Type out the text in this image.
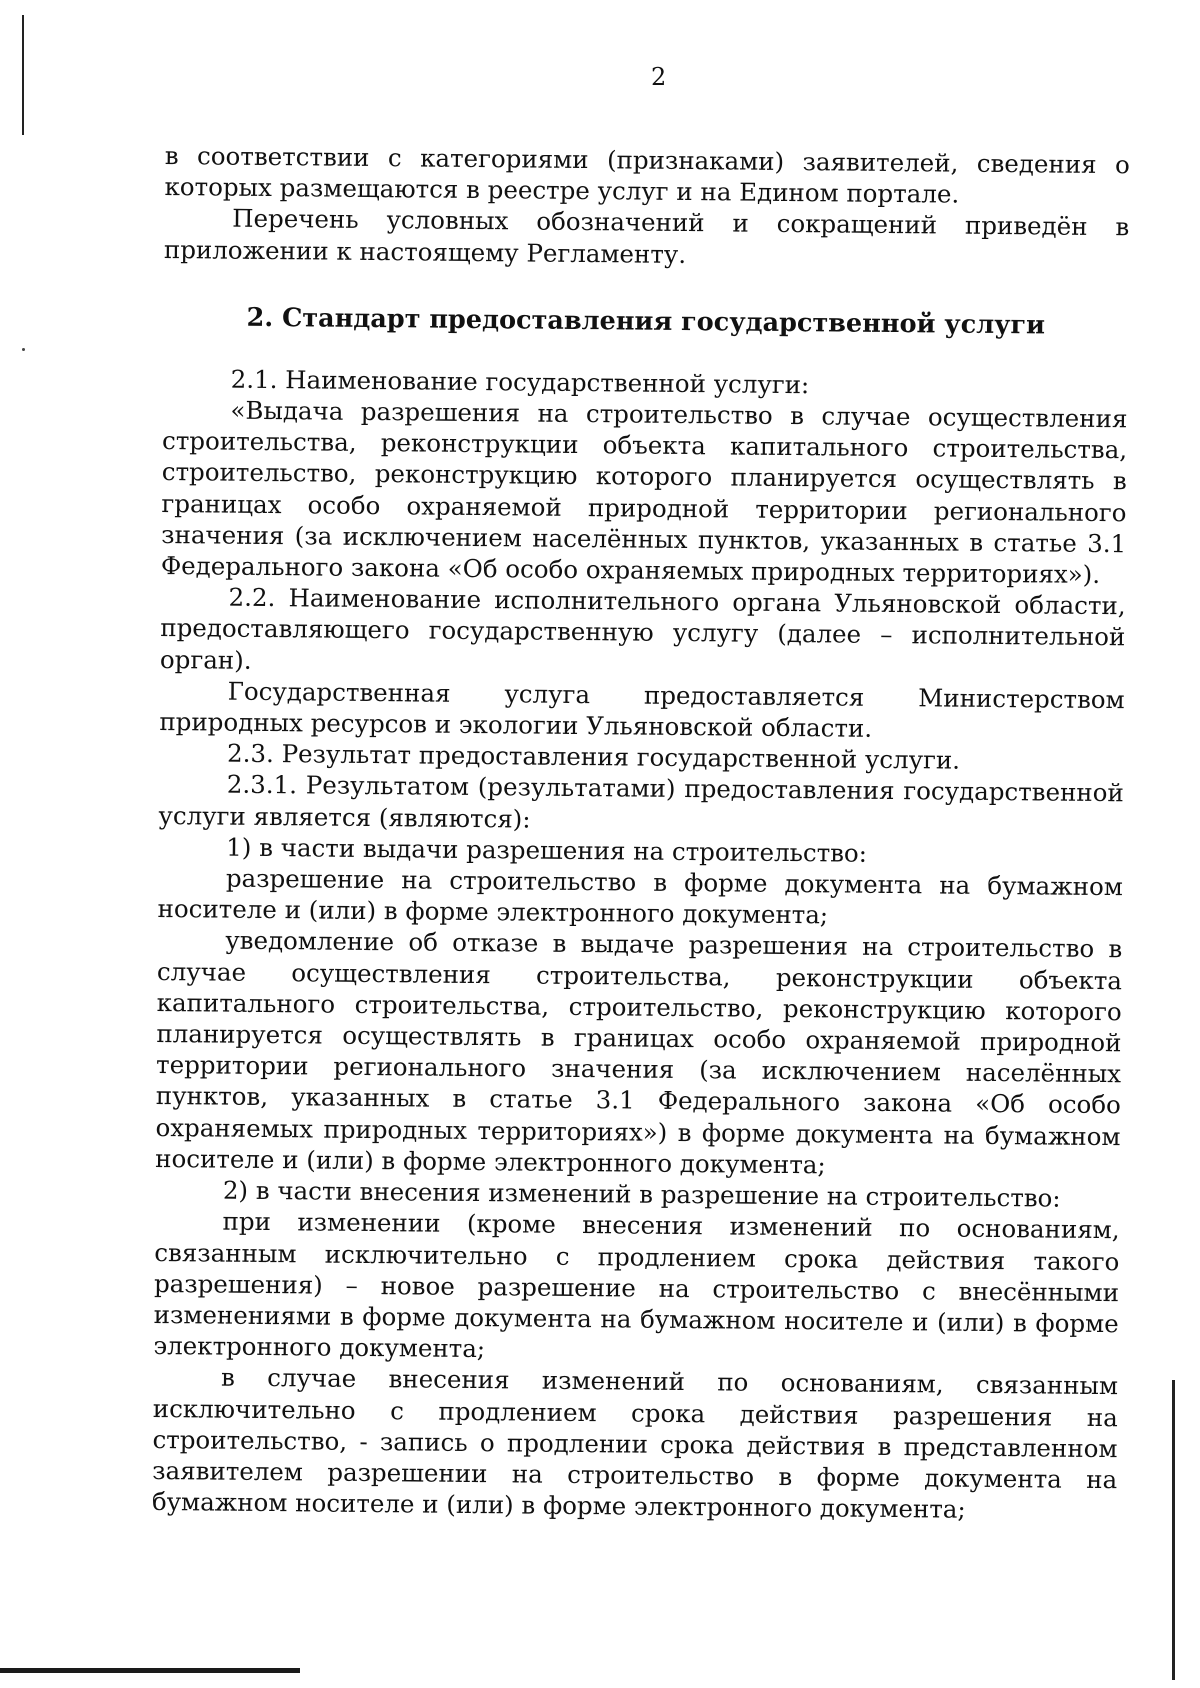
2

в соответствии с категориями (признаками) заявителей, сведения о которых размещаются в реестре услуг и на Едином портале.

Перечень условных обозначений и сокращений приведён в приложении к настоящему Регламенту.

2. Стандарт предоставления государственной услуги

2.1. Наименование государственной услуги:

«Выдача разрешения на строительство в случае осуществления строительства, реконструкции объекта капитального строительства, строительство, реконструкцию которого планируется осуществлять в границах особо охраняемой природной территории регионального значения (за исключением населённых пунктов, указанных в статье 3.1 Федерального закона «Об особо охраняемых природных территориях»).

2.2. Наименование исполнительного органа Ульяновской области, предоставляющего государственную услугу (далее – исполнительной орган).

Государственная услуга предоставляется Министерством природных ресурсов и экологии Ульяновской области.

2.3. Результат предоставления государственной услуги.

2.3.1. Результатом (результатами) предоставления государственной услуги является (являются):

1) в части выдачи разрешения на строительство:

разрешение на строительство в форме документа на бумажном носителе и (или) в форме электронного документа;

уведомление об отказе в выдаче разрешения на строительство в случае осуществления строительства, реконструкции объекта капитального строительства, строительство, реконструкцию которого планируется осуществлять в границах особо охраняемой природной территории регионального значения (за исключением населённых пунктов, указанных в статье 3.1 Федерального закона «Об особо охраняемых природных территориях») в форме документа на бумажном носителе и (или) в форме электронного документа;

2) в части внесения изменений в разрешение на строительство:

при изменении (кроме внесения изменений по основаниям, связанным исключительно с продлением срока действия такого разрешения) – новое разрешение на строительство с внесёнными изменениями в форме документа на бумажном носителе и (или) в форме электронного документа;

в случае внесения изменений по основаниям, связанным исключительно с продлением срока действия разрешения на строительство, - запись о продлении срока действия в представленном заявителем разрешении на строительство в форме документа на бумажном носителе и (или) в форме электронного документа;
